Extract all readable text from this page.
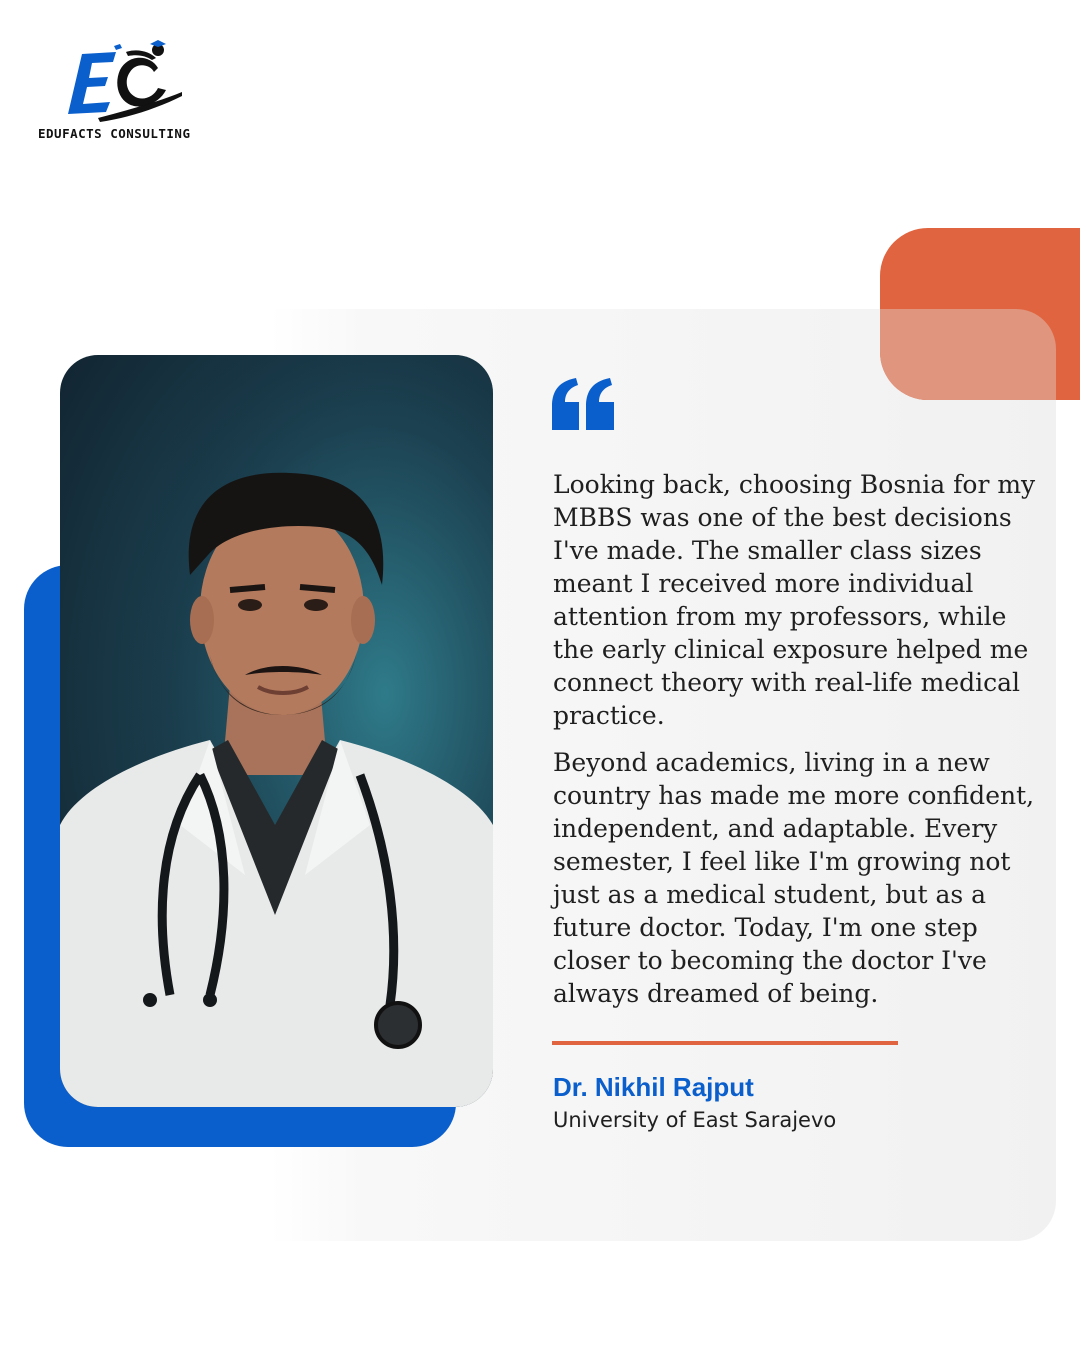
EDUFACTS CONSULTING

Looking back, choosing Bosnia for my MBBS was one of the best decisions I've made. The smaller class sizes meant I received more individual attention from my professors, while the early clinical exposure helped me connect theory with real-life medical practice.

Beyond academics, living in a new country has made me more confident, independent, and adaptable. Every semester, I feel like I'm growing not just as a medical student, but as a future doctor. Today, I'm one step closer to becoming the doctor I've always dreamed of being.

Dr. Nikhil Rajput
University of East Sarajevo
